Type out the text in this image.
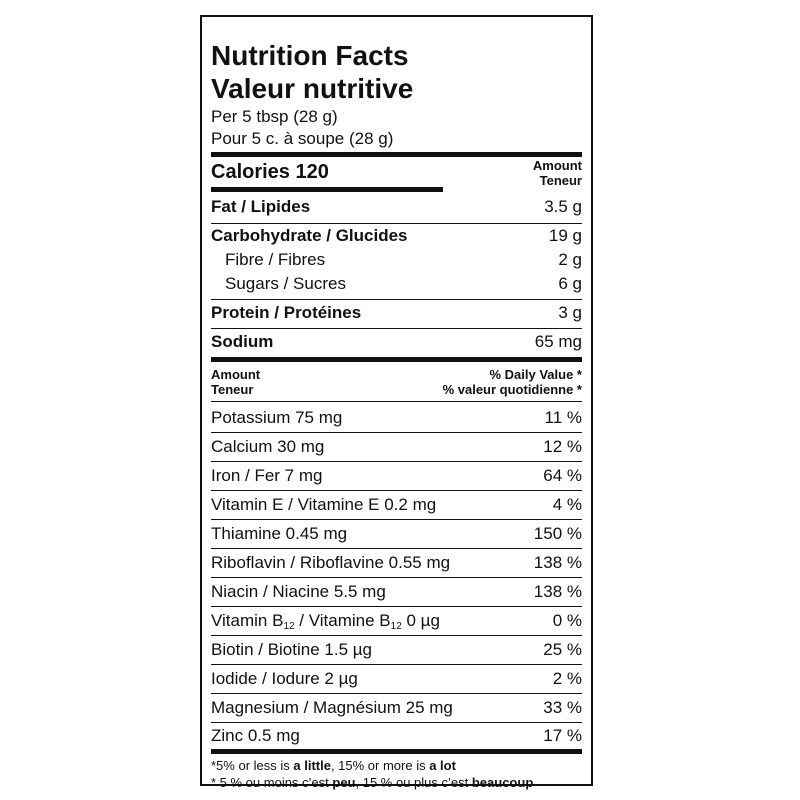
Nutrition Facts
Valeur nutritive
Per 5 tbsp (28 g)
Pour 5 c. à soupe (28 g)
Calories 120	Amount
Teneur
Fat / Lipides	3.5 g
Carbohydrate / Glucides	19 g
Fibre / Fibres	2 g
Sugars / Sucres	6 g
Protein / Protéines	3 g
Sodium	65 mg
Amount
Teneur
% Daily Value *
% valeur quotidienne *
Potassium 75 mg	11 %
Calcium 30 mg	12 %
Iron / Fer 7 mg	64 %
Vitamin E / Vitamine E 0.2 mg	4 %
Thiamine 0.45 mg	150 %
Riboflavin / Riboflavine 0.55 mg	138 %
Niacin / Niacine 5.5 mg	138 %
Vitamin $B_{12}$ / Vitamine $B_{12}$ 0 µg	0 %
Biotin / Biotine 1.5 µg	25 %
Iodide / Iodure 2 µg	2 %
Magnesium / Magnésium 25 mg	33 %
Zinc 0.5 mg	17 %
*5% or less is a little, 15% or more is a lot
* 5 % ou moins c’est peu, 15 % ou plus c’est beaucoup
